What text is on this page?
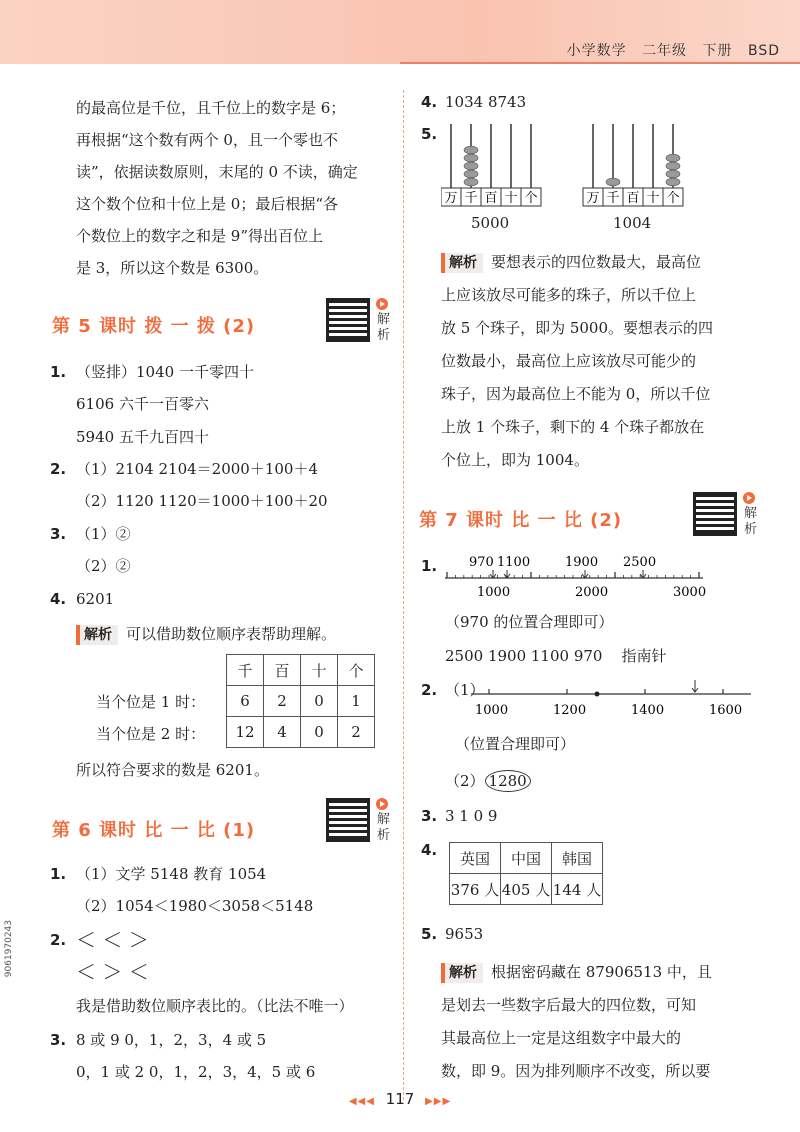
小学数学 二年级 下册 BSD
的最高位是千位，且千位上的数字是 6；
再根据“这个数有两个 0，且一个零也不
读”，依据读数原则，末尾的 0 不读，确定
这个数个位和十位上是 0；最后根据“各
个数位上的数字之和是 9”得出百位上
是 3，所以这个数是 6300。
第 5 课时 拨 一 拨 (2)	解析
1. （竖排）1040 一千零四十
6106 六千一百零六
5940 五千九百四十
2. （1）2104 2104＝2000＋100＋4
（2）1120 1120＝1000＋100＋20
3. （1）②
（2）②
4. 6201
解析 可以借助数位顺序表帮助理解。
千	百	十	个
6	2	0	1
12	4	0	2
当个位是 1 时：
当个位是 2 时：
所以符合要求的数是 6201。
第 6 课时 比 一 比 (1)
解析
1. （1）文学 5148 教育 1054
（2）1054＜1980＜3058＜5148
2. ＜ ＜ ＞
＜ ＞ ＜
我是借助数位顺序表比的。（比法不唯一）
3. 8 或 9 0，1，2，3，4 或 5
0，1 或 2 0，1，2，3，4，5 或 6
9061970243
4. 1034 8743
5.
万 千 百 十 个	万 千 百 十 个
5000	1004
解析 要想表示的四位数最大，最高位
上应该放尽可能多的珠子，所以千位上
放 5 个珠子，即为 5000。要想表示的四
位数最小，最高位上应该放尽可能少的
珠子，因为最高位上不能为 0，所以千位
上放 1 个珠子，剩下的 4 个珠子都放在
个位上，即为 1004。
第 7 课时 比 一 比 (2)	解析
1. 970 1100	1900 2500
1000	2000	3000
（970 的位置合理即可）
2500 1900 1100 970 指南针
2. （1）
1000	1200	1400	1600
（位置合理即可）
（2） 1280
3. 3 1 0 9
4. 英国	中国	韩国
376 人	405 人	144 人
5. 9653
解析 根据密码藏在 87906513 中，且
是划去一些数字后最大的四位数，可知
其最高位上一定是这组数字中最大的
数，即 9。因为排列顺序不改变，所以要
◀◀◀ 117 ▶▶▶
